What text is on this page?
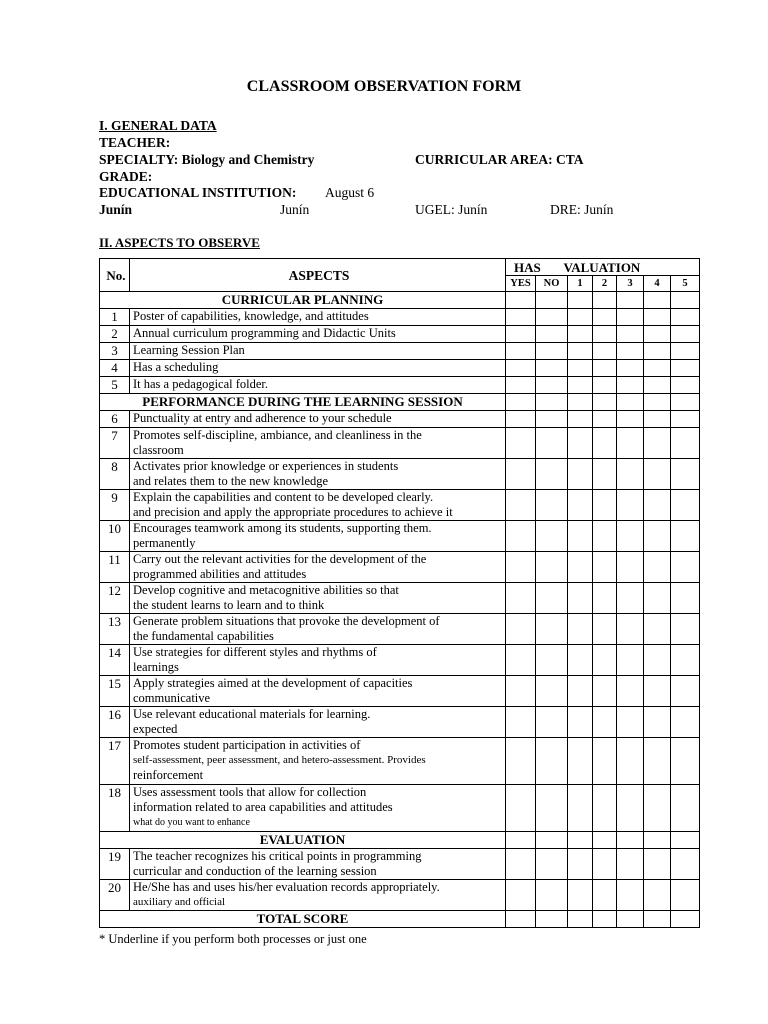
CLASSROOM OBSERVATION FORM
I. GENERAL DATA
TEACHER:
SPECIALTY: Biology and Chemistry	CURRICULAR AREA: CTA
GRADE:
EDUCATIONAL INSTITUTION: August 6
Junín	Junín	UGEL: Junín	DRE: Junín
II. ASPECTS TO OBSERVE
No.	ASPECTS	HAS	VALUATION					
		YES	NO	1	2	3	4	5
CURRICULAR PLANNING								
1	Poster of capabilities, knowledge, and attitudes							

2	Annual curriculum programming and Didactic Units							

3	Learning Session Plan							

4	Has a scheduling							

5	It has a pedagogical folder.							

PERFORMANCE DURING THE LEARNING SESSION								
6	Punctuality at entry and adherence to your schedule							

7	Promotes self-discipline, ambiance, and cleanliness in the
classroom							

8	Activates prior knowledge or experiences in students
and relates them to the new knowledge							

9	Explain the capabilities and content to be developed clearly.
and precision and apply the appropriate procedures to achieve it							

10	Encourages teamwork among its students, supporting them.
permanently							

11	Carry out the relevant activities for the development of the
programmed abilities and attitudes							

12	Develop cognitive and metacognitive abilities so that
the student learns to learn and to think							

13	Generate problem situations that provoke the development of
the fundamental capabilities							

14	Use strategies for different styles and rhythms of
learnings							

15	Apply strategies aimed at the development of capacities
communicative							

16	Use relevant educational materials for learning.
expected							

17	Promotes student participation in activities of
self-assessment, peer assessment, and hetero-assessment. Provides
reinforcement							

18	Uses assessment tools that allow for collection
information related to area capabilities and attitudes
what do you want to enhance							

EVALUATION								
19	The teacher recognizes his critical points in programming
curricular and conduction of the learning session							

20	He/She has and uses his/her evaluation records appropriately.
auxiliary and official							

TOTAL SCORE								
* Underline if you perform both processes or just one
